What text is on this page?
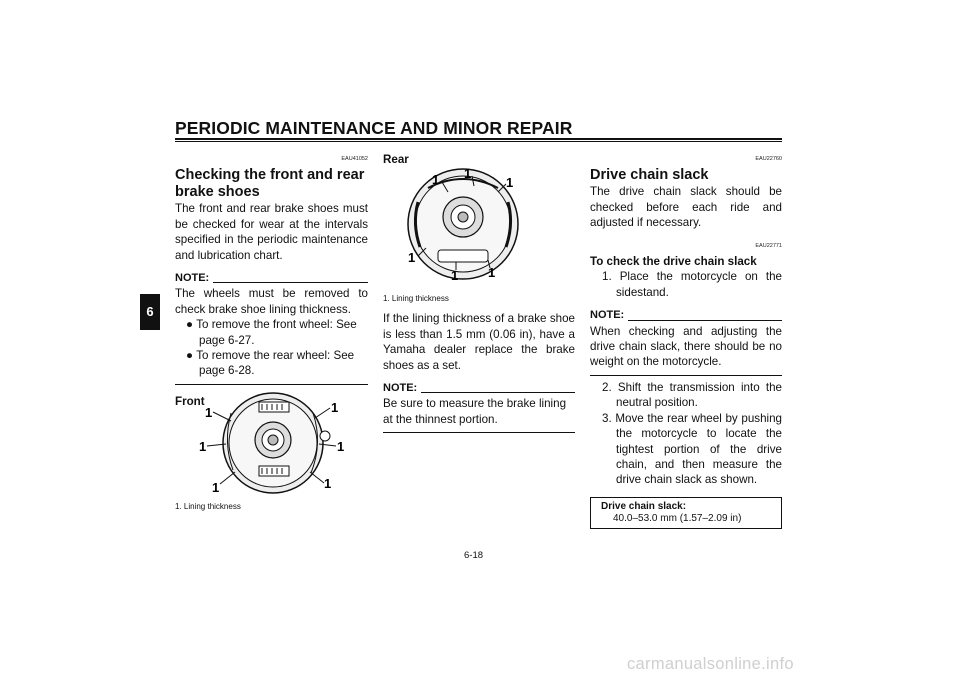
PERIODIC MAINTENANCE AND MINOR REPAIR
6
EAU41052
Checking the front and rear
brake shoes
The front and rear brake shoes must be checked for wear at the intervals specified in the periodic maintenance and lubrication chart.
NOTE:
The wheels must be removed to check brake shoe lining thickness.
● To remove the front wheel: See page 6-27.
● To remove the rear wheel: See page 6-28.
Front
1
1
1
1
1
1
1. Lining thickness
Rear
1 1
1
1
1 1
1. Lining thickness
If the lining thickness of a brake shoe is less than 1.5 mm (0.06 in), have a Yamaha dealer replace the brake shoes as a set.
NOTE:
Be sure to measure the brake lining at the thinnest portion.
EAU22760
Drive chain slack
The drive chain slack should be checked before each ride and adjusted if necessary.
EAU22771
To check the drive chain slack
1. Place the motorcycle on the sidestand.
NOTE:
When checking and adjusting the drive chain slack, there should be no weight on the motorcycle.
2. Shift the transmission into the neutral position.
3. Move the rear wheel by pushing the motorcycle to locate the tightest portion of the drive chain, and then measure the drive chain slack as shown.
Drive chain slack:
40.0–53.0 mm (1.57–2.09 in)
6-18
carmanualsonline.info
